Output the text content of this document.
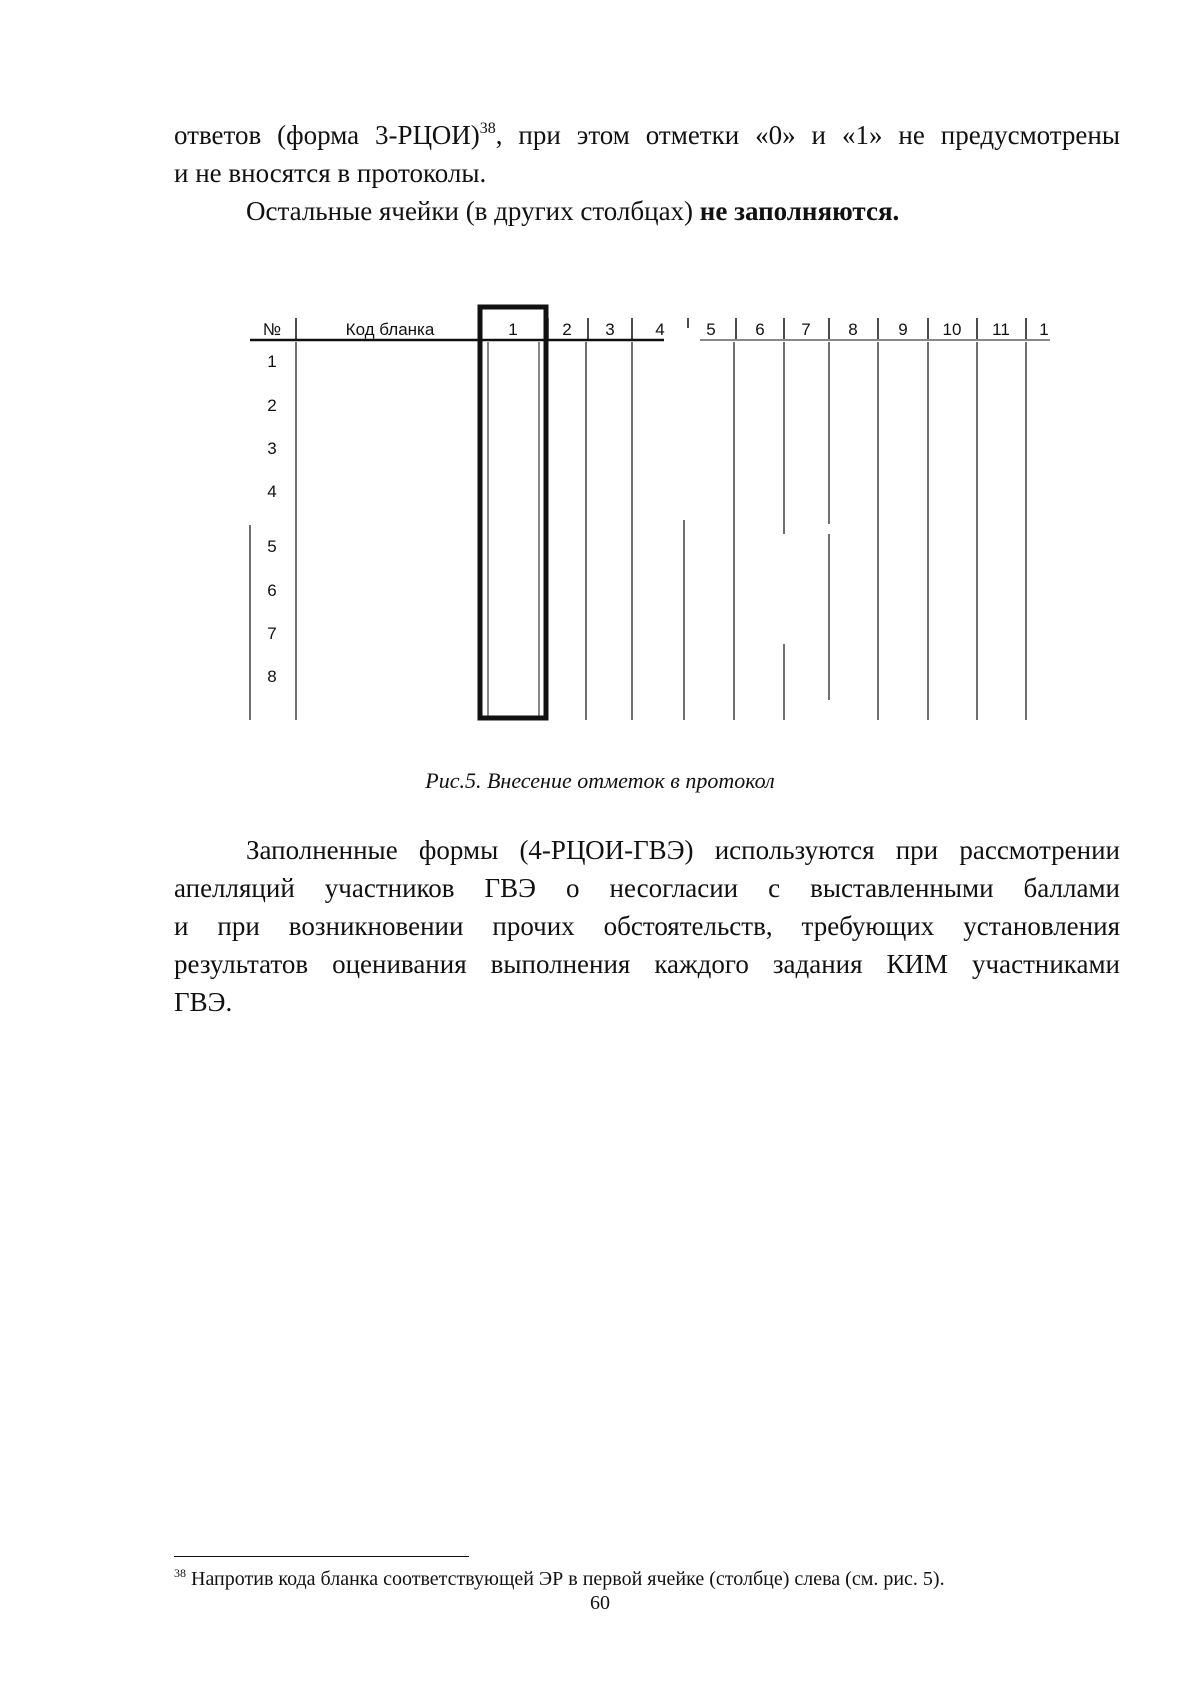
ответов (форма 3-РЦОИ)$^{38}$, при этом отметки «0» и «1» не предусмотрены

и не вносятся в протоколы.

Остальные ячейки (в других столбцах) не заполняются.

№	Код бланка	1	2 3 4 5 6 7 8 9 10 11 1
1
2
3
4
5
6
7
8
Рис.5. Внесение отметок в протокол

Заполненные формы (4-РЦОИ-ГВЭ) используются при рассмотрении

апелляций участников ГВЭ о несогласии с выставленными баллами

и при возникновении прочих обстоятельств, требующих установления

результатов оценивания выполнения каждого задания КИМ участниками

ГВЭ.

$^{38}$ Напротив кода бланка соответствующей ЭР в первой ячейке (столбце) слева (см. рис. 5).
60
